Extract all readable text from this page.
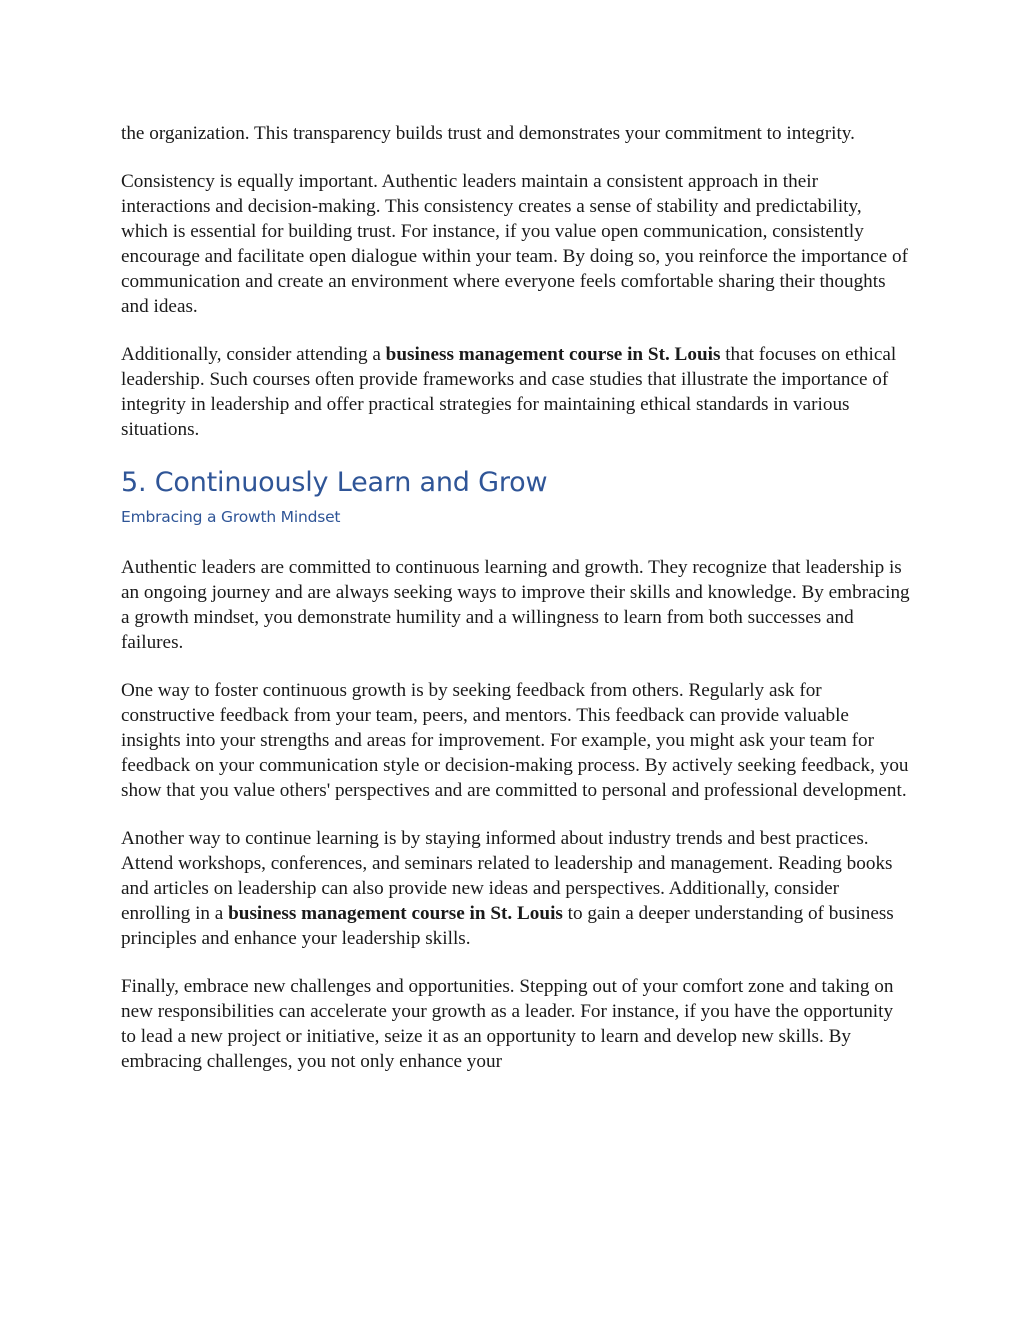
the organization. This transparency builds trust and demonstrates your commitment to integrity.

Consistency is equally important. Authentic leaders maintain a consistent approach in their interactions and decision-making. This consistency creates a sense of stability and predictability, which is essential for building trust. For instance, if you value open communication, consistently encourage and facilitate open dialogue within your team. By doing so, you reinforce the importance of communication and create an environment where everyone feels comfortable sharing their thoughts and ideas.

Additionally, consider attending a business management course in St. Louis that focuses on ethical leadership. Such courses often provide frameworks and case studies that illustrate the importance of integrity in leadership and offer practical strategies for maintaining ethical standards in various situations.

5. Continuously Learn and Grow
Embracing a Growth Mindset

Authentic leaders are committed to continuous learning and growth. They recognize that leadership is an ongoing journey and are always seeking ways to improve their skills and knowledge. By embracing a growth mindset, you demonstrate humility and a willingness to learn from both successes and failures.

One way to foster continuous growth is by seeking feedback from others. Regularly ask for constructive feedback from your team, peers, and mentors. This feedback can provide valuable insights into your strengths and areas for improvement. For example, you might ask your team for feedback on your communication style or decision-making process. By actively seeking feedback, you show that you value others' perspectives and are committed to personal and professional development.

Another way to continue learning is by staying informed about industry trends and best practices. Attend workshops, conferences, and seminars related to leadership and management. Reading books and articles on leadership can also provide new ideas and perspectives. Additionally, consider enrolling in a business management course in St. Louis to gain a deeper understanding of business principles and enhance your leadership skills.

Finally, embrace new challenges and opportunities. Stepping out of your comfort zone and taking on new responsibilities can accelerate your growth as a leader. For instance, if you have the opportunity to lead a new project or initiative, seize it as an opportunity to learn and develop new skills. By embracing challenges, you not only enhance your
